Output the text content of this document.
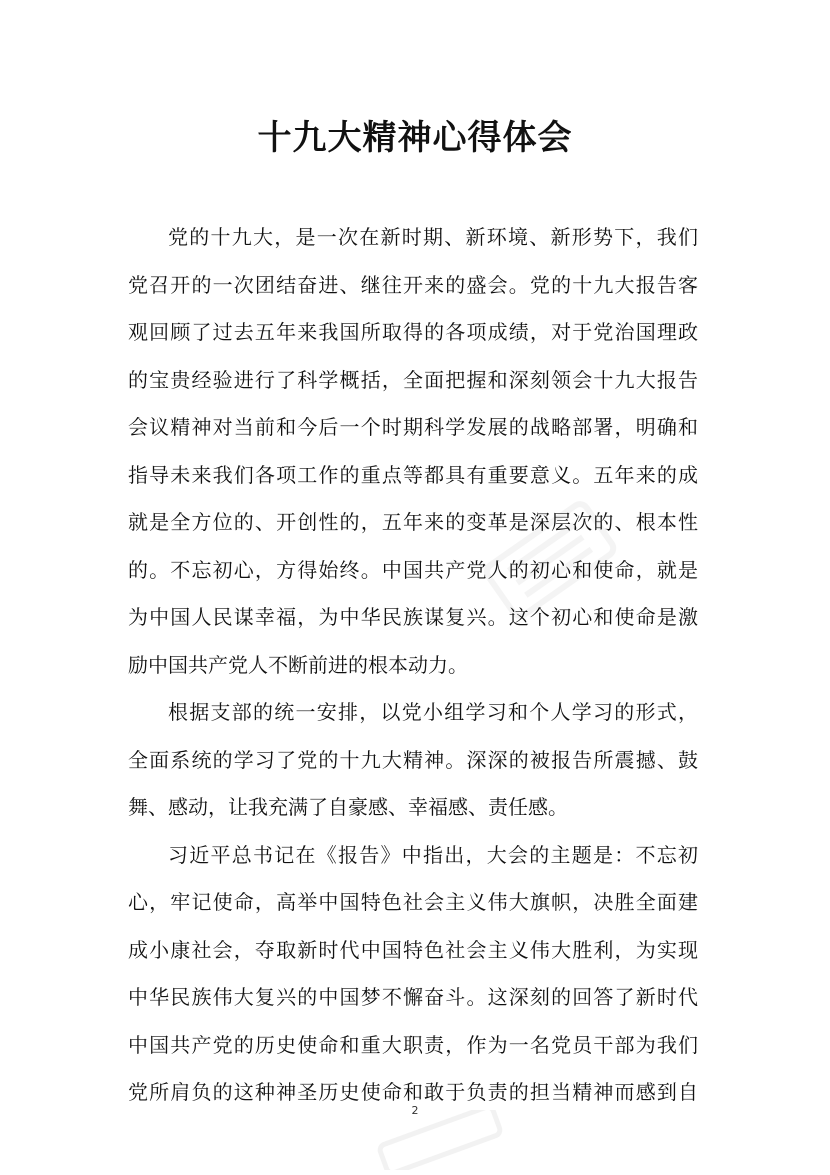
十九大精神心得体会
党的十九大，是一次在新时期、新环境、新形势下，我们
党召开的一次团结奋进、继往开来的盛会。党的十九大报告客
观回顾了过去五年来我国所取得的各项成绩，对于党治国理政
的宝贵经验进行了科学概括，全面把握和深刻领会十九大报告
会议精神对当前和今后一个时期科学发展的战略部署，明确和
指导未来我们各项工作的重点等都具有重要意义。五年来的成
就是全方位的、开创性的，五年来的变革是深层次的、根本性
的。不忘初心，方得始终。中国共产党人的初心和使命，就是
为中国人民谋幸福，为中华民族谋复兴。这个初心和使命是激
励中国共产党人不断前进的根本动力。
根据支部的统一安排，以党小组学习和个人学习的形式，
全面系统的学习了党的十九大精神。深深的被报告所震撼、鼓
舞、感动，让我充满了自豪感、幸福感、责任感。
习近平总书记在《报告》中指出，大会的主题是：不忘初
心，牢记使命，高举中国特色社会主义伟大旗帜，决胜全面建
成小康社会，夺取新时代中国特色社会主义伟大胜利，为实现
中华民族伟大复兴的中国梦不懈奋斗。这深刻的回答了新时代
中国共产党的历史使命和重大职责，作为一名党员干部为我们
党所肩负的这种神圣历史使命和敢于负责的担当精神而感到自
2
